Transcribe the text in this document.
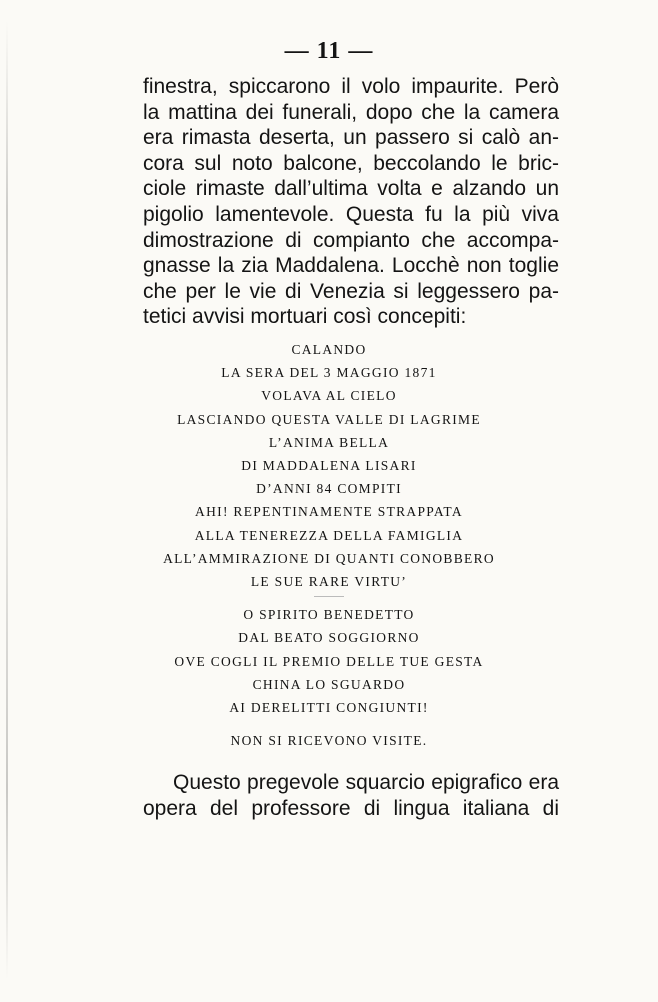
— 11 —
finestra, spiccarono il volo impaurite. Però
la mattina dei funerali, dopo che la camera
era rimasta deserta, un passero si calò an-
cora sul noto balcone, beccolando le bric-
ciole rimaste dall’ultima volta e alzando un
pigolio lamentevole. Questa fu la più viva
dimostrazione di compianto che accompa-
gnasse la zia Maddalena. Locchè non toglie
che per le vie di Venezia si leggessero pa-
tetici avvisi mortuari così concepiti:
CALANDO
LA SERA DEL 3 MAGGIO 1871
VOLAVA AL CIELO
LASCIANDO QUESTA VALLE DI LAGRIME
L’ANIMA BELLA
DI MADDALENA LISARI
D’ANNI 84 COMPITI
AHI! REPENTINAMENTE STRAPPATA
ALLA TENEREZZA DELLA FAMIGLIA
ALL’AMMIRAZIONE DI QUANTI CONOBBERO
LE SUE RARE VIRTU’
O SPIRITO BENEDETTO
DAL BEATO SOGGIORNO
OVE COGLI IL PREMIO DELLE TUE GESTA
CHINA LO SGUARDO
AI DERELITTI CONGIUNTI!
NON SI RICEVONO VISITE.
Questo pregevole squarcio epigrafico era
opera del professore di lingua italiana di
